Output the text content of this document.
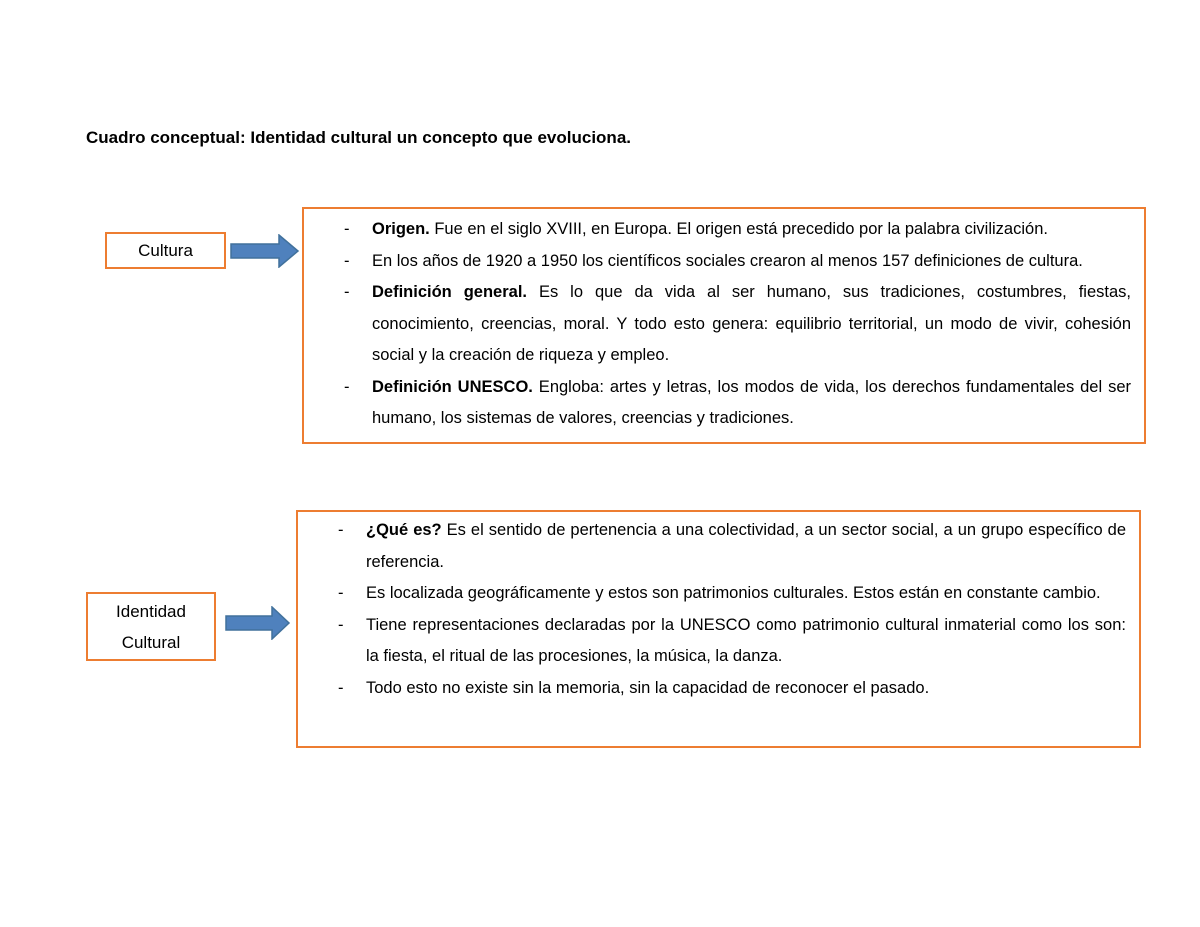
Cuadro conceptual: Identidad cultural un concepto que evoluciona.
Cultura
- Origen. Fue en el siglo XVIII, en Europa. El origen está precedido por la palabra civilización.
- En los años de 1920 a 1950 los científicos sociales crearon al menos 157 definiciones de cultura.
- Definición general. Es lo que da vida al ser humano, sus tradiciones, costumbres, fiestas, conocimiento, creencias, moral. Y todo esto genera: equilibrio territorial, un modo de vivir, cohesión social y la creación de riqueza y empleo.
- Definición UNESCO. Engloba: artes y letras, los modos de vida, los derechos fundamentales del ser humano, los sistemas de valores, creencias y tradiciones.
Identidad
Cultural
- ¿Qué es? Es el sentido de pertenencia a una colectividad, a un sector social, a un grupo específico de referencia.
- Es localizada geográficamente y estos son patrimonios culturales. Estos están en constante cambio.
- Tiene representaciones declaradas por la UNESCO como patrimonio cultural inmaterial como los son: la fiesta, el ritual de las procesiones, la música, la danza.
- Todo esto no existe sin la memoria, sin la capacidad de reconocer el pasado.
